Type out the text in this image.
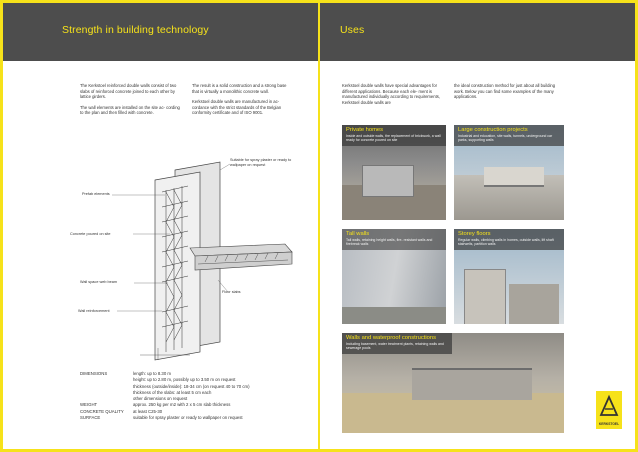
Strength in building technology	Uses

The Kerkstoel reinforced double walls consist of two slabs of reinforced concrete joined to each other by lattice girders.

The wall elements are installed on the site ac- cording to the plan and then filled with concrete.

The result is a solid construction and a strong base that is virtually a monolithic concrete wall.

Kerkstoel double walls are manufactured in ac- cordance with the strict standards of the Belgian conformity certificate and of ISO 9001.

Suitable for spray plaster or ready to wallpaper on request
Prefab elements
Concrete poured on site
Wall space web beam
Floor slabs
Wall reinforcement
DIMENSIONS	length: up to 8.30 m
height: up to 2.80 m, possibly up to 3.50 m on request
thickness (outside/inside): 18-34 cm (on request 40 to 70 cm)
thickness of the slabs: at least 5 cm each
other dimensions on request
WEIGHT	approx. 250 kg per m2 with 2 x 5 cm slab thickness
CONCRETE QUALITY	at least C25-30
SURFACE	suitable for spray plaster or ready to wallpaper on request
Kerkstoel double walls have special advantages for different applications. Because each ele- ment is manufactured individually according to requirements, Kerkstoel double walls are
the ideal construction method for just about all building work. Below you can find some examples of the many applications.
Private homes
Inside and outside walls, the replacement of brickwork, a wall ready for concrete poured on site
Large construction projects
Industrial and education, site walls, tunnels, underground car parks, supporting walls
Tall walls
Tall walls, retaining height walls, fire- resistant walls and firebreak walls
Storey floors
Regular walls, climbing walls in homes, outside walls, lift shaft stairwells, partition walls
Walls and waterproof constructions
Including basement, water treatment plants, retaining walls and sewerage pools
KERKSTOEL
